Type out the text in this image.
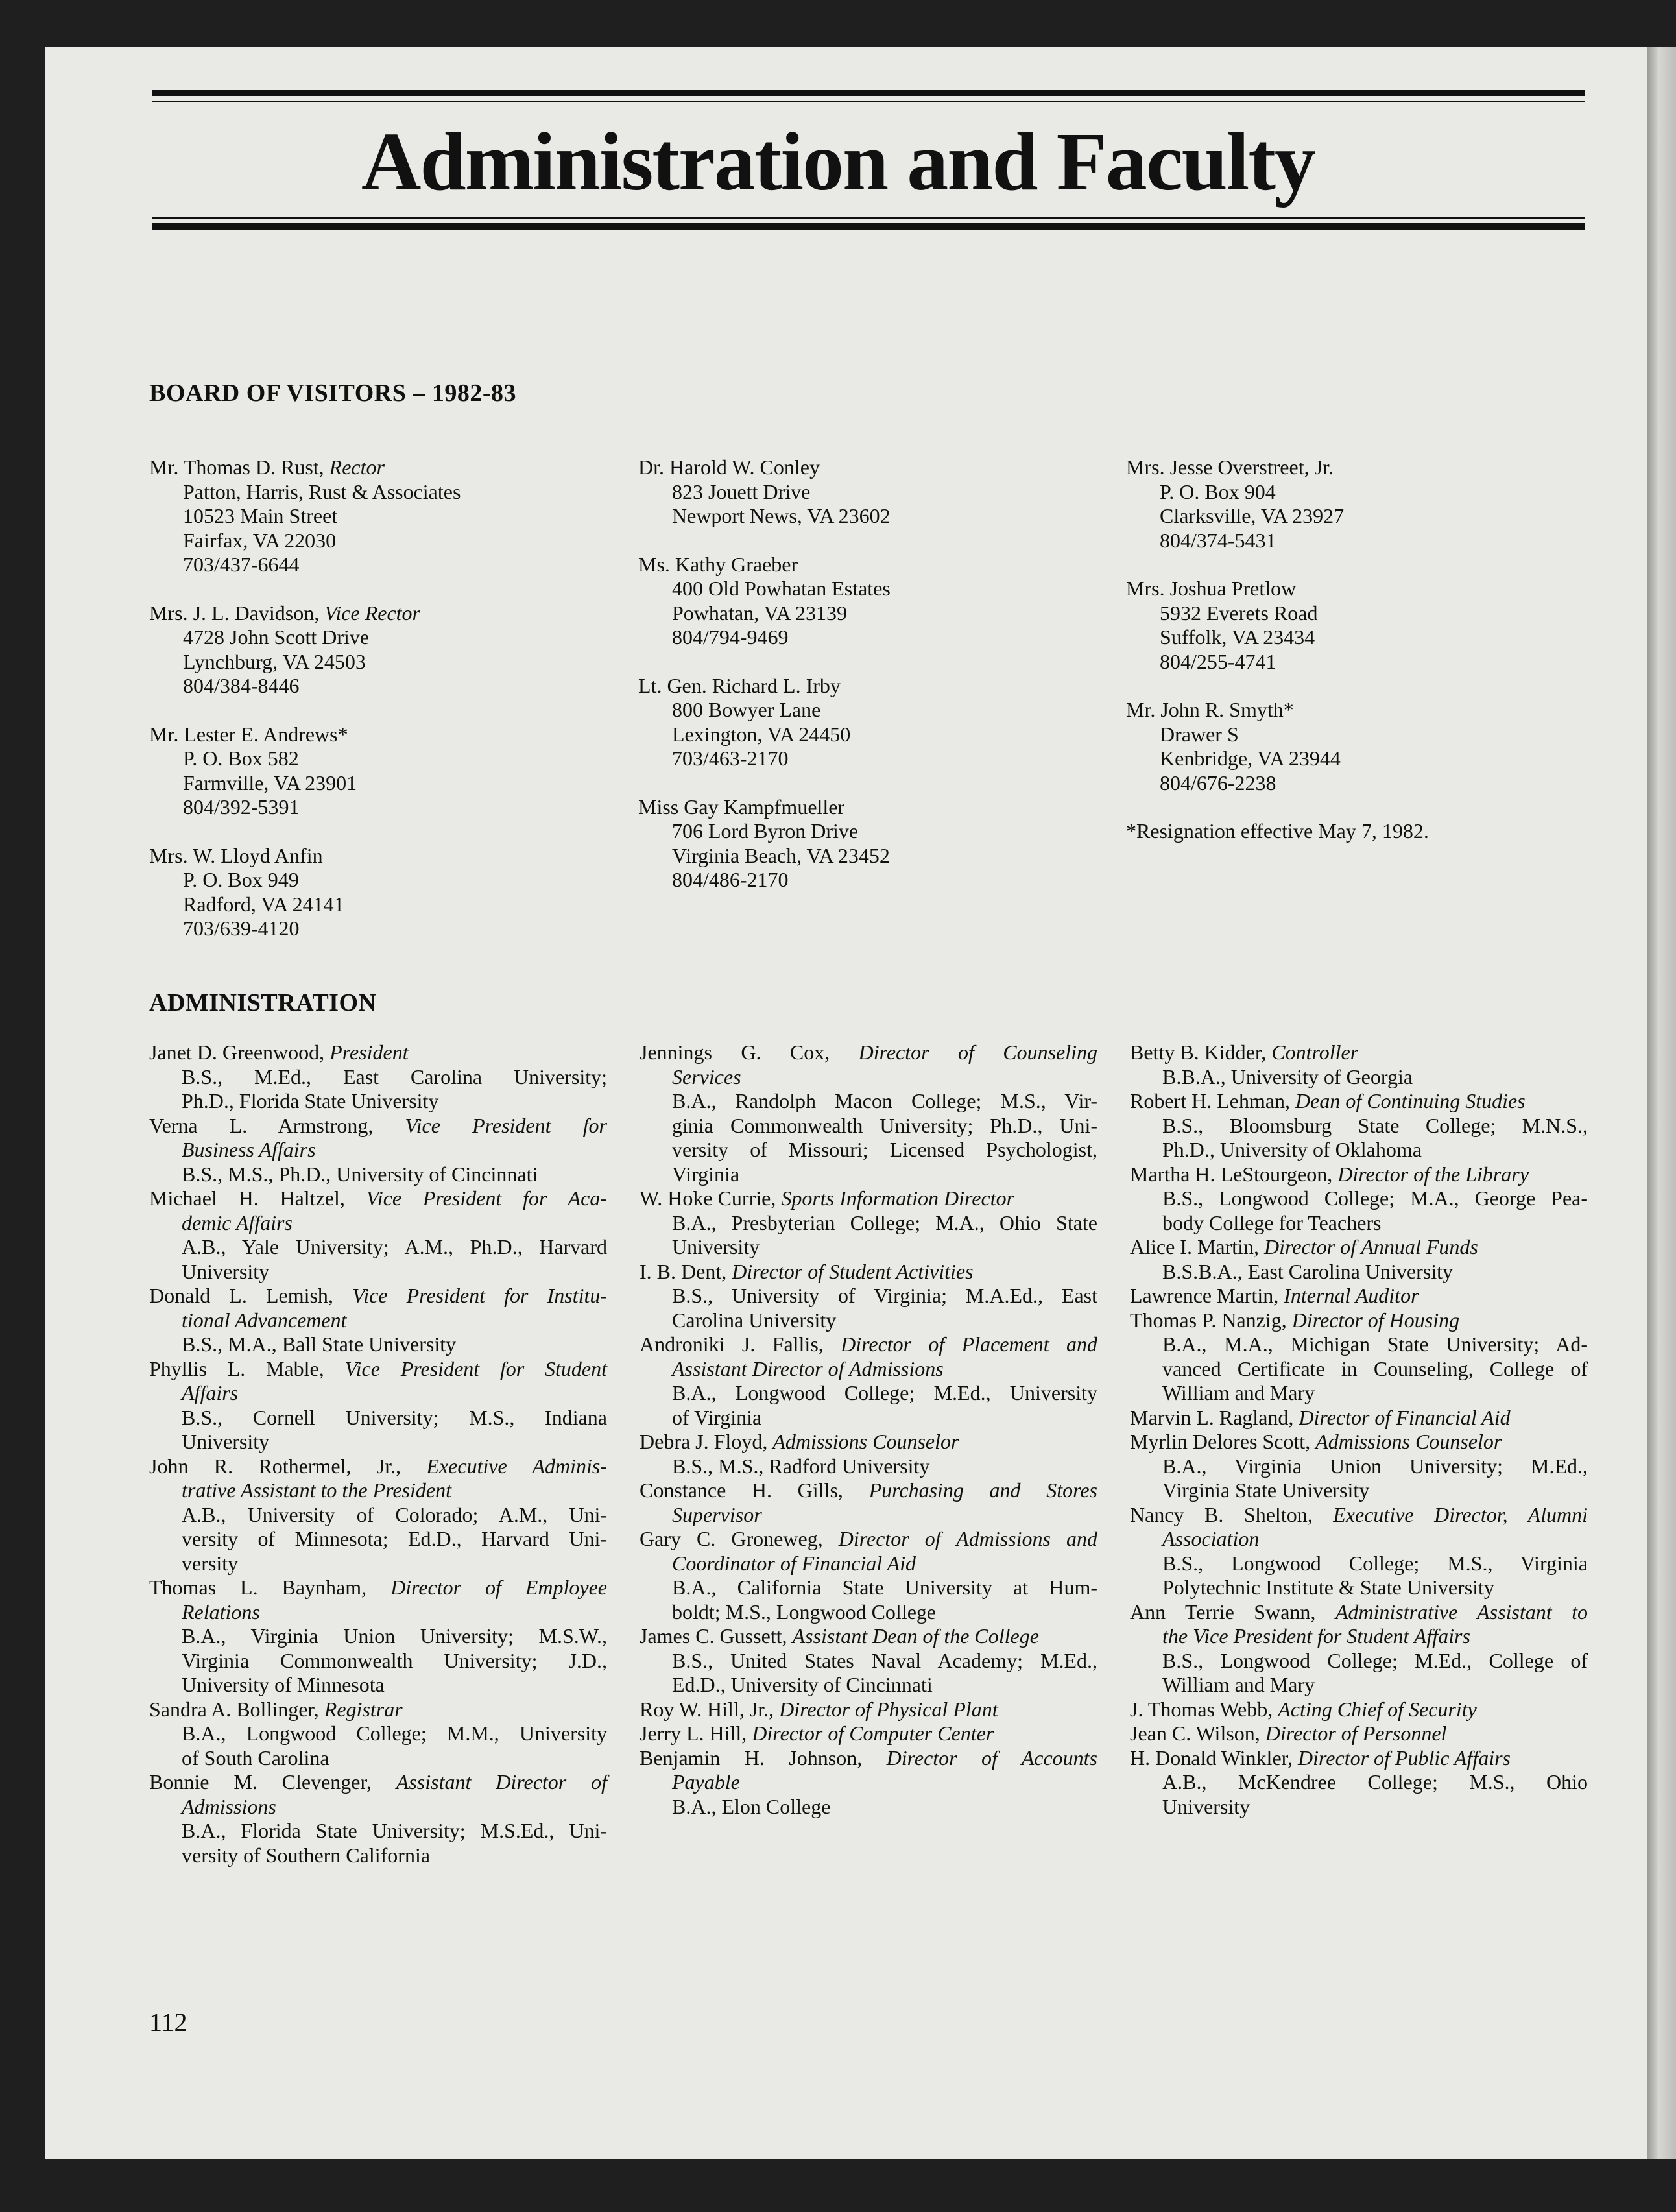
Administration and Faculty
BOARD OF VISITORS – 1982-83
Mr. Thomas D. Rust, Rector
Patton, Harris, Rust & Associates
10523 Main Street
Fairfax, VA 22030
703/437-6644
Mrs. J. L. Davidson, Vice Rector
4728 John Scott Drive
Lynchburg, VA 24503
804/384-8446
Mr. Lester E. Andrews*
P. O. Box 582
Farmville, VA 23901
804/392-5391
Mrs. W. Lloyd Anfin
P. O. Box 949
Radford, VA 24141
703/639-4120
Dr. Harold W. Conley
823 Jouett Drive
Newport News, VA 23602
Ms. Kathy Graeber
400 Old Powhatan Estates
Powhatan, VA 23139
804/794-9469
Lt. Gen. Richard L. Irby
800 Bowyer Lane
Lexington, VA 24450
703/463-2170
Miss Gay Kampfmueller
706 Lord Byron Drive
Virginia Beach, VA 23452
804/486-2170
Mrs. Jesse Overstreet, Jr.
P. O. Box 904
Clarksville, VA 23927
804/374-5431
Mrs. Joshua Pretlow
5932 Everets Road
Suffolk, VA 23434
804/255-4741
Mr. John R. Smyth*
Drawer S
Kenbridge, VA 23944
804/676-2238
*Resignation effective May 7, 1982.
ADMINISTRATION
Janet D. Greenwood, President
B.S., M.Ed., East Carolina University;
Ph.D., Florida State University
Verna L. Armstrong, Vice President for
Business Affairs
B.S., M.S., Ph.D., University of Cincinnati
Michael H. Haltzel, Vice President for Aca-
demic Affairs
A.B., Yale University; A.M., Ph.D., Harvard
University
Donald L. Lemish, Vice President for Institu-
tional Advancement
B.S., M.A., Ball State University
Phyllis L. Mable, Vice President for Student
Affairs
B.S., Cornell University; M.S., Indiana
University
John R. Rothermel, Jr., Executive Adminis-
trative Assistant to the President
A.B., University of Colorado; A.M., Uni-
versity of Minnesota; Ed.D., Harvard Uni-
versity
Thomas L. Baynham, Director of Employee
Relations
B.A., Virginia Union University; M.S.W.,
Virginia Commonwealth University; J.D.,
University of Minnesota
Sandra A. Bollinger, Registrar
B.A., Longwood College; M.M., University
of South Carolina
Bonnie M. Clevenger, Assistant Director of
Admissions
B.A., Florida State University; M.S.Ed., Uni-
versity of Southern California
Jennings G. Cox, Director of Counseling
Services
B.A., Randolph Macon College; M.S., Vir-
ginia Commonwealth University; Ph.D., Uni-
versity of Missouri; Licensed Psychologist,
Virginia
W. Hoke Currie, Sports Information Director
B.A., Presbyterian College; M.A., Ohio State
University
I. B. Dent, Director of Student Activities
B.S., University of Virginia; M.A.Ed., East
Carolina University
Androniki J. Fallis, Director of Placement and
Assistant Director of Admissions
B.A., Longwood College; M.Ed., University
of Virginia
Debra J. Floyd, Admissions Counselor
B.S., M.S., Radford University
Constance H. Gills, Purchasing and Stores
Supervisor
Gary C. Groneweg, Director of Admissions and
Coordinator of Financial Aid
B.A., California State University at Hum-
boldt; M.S., Longwood College
James C. Gussett, Assistant Dean of the College
B.S., United States Naval Academy; M.Ed.,
Ed.D., University of Cincinnati
Roy W. Hill, Jr., Director of Physical Plant
Jerry L. Hill, Director of Computer Center
Benjamin H. Johnson, Director of Accounts
Payable
B.A., Elon College
Betty B. Kidder, Controller
B.B.A., University of Georgia
Robert H. Lehman, Dean of Continuing Studies
B.S., Bloomsburg State College; M.N.S.,
Ph.D., University of Oklahoma
Martha H. LeStourgeon, Director of the Library
B.S., Longwood College; M.A., George Pea-
body College for Teachers
Alice I. Martin, Director of Annual Funds
B.S.B.A., East Carolina University
Lawrence Martin, Internal Auditor
Thomas P. Nanzig, Director of Housing
B.A., M.A., Michigan State University; Ad-
vanced Certificate in Counseling, College of
William and Mary
Marvin L. Ragland, Director of Financial Aid
Myrlin Delores Scott, Admissions Counselor
B.A., Virginia Union University; M.Ed.,
Virginia State University
Nancy B. Shelton, Executive Director, Alumni
Association
B.S., Longwood College; M.S., Virginia
Polytechnic Institute & State University
Ann Terrie Swann, Administrative Assistant to
the Vice President for Student Affairs
B.S., Longwood College; M.Ed., College of
William and Mary
J. Thomas Webb, Acting Chief of Security
Jean C. Wilson, Director of Personnel
H. Donald Winkler, Director of Public Affairs
A.B., McKendree College; M.S., Ohio
University
112
